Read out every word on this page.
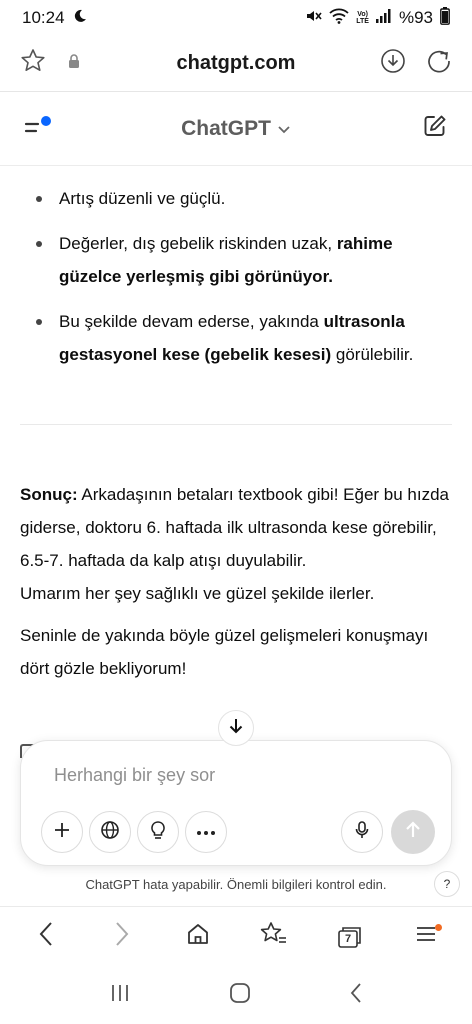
10:24	Vo)
LTE %93
chatgpt.com
ChatGPT
Artış düzenli ve güçlü.
Değerler, dış gebelik riskinden uzak, rahime güzelce yerleşmiş gibi görünüyor.
Bu şekilde devam ederse, yakında ultrasonla gestasyonel kese (gebelik kesesi) görülebilir.

Sonuç: Arkadaşının betaları textbook gibi! Eğer bu hızda giderse, doktoru 6. haftada ilk ultrasonda kese görebilir, 6.5-7. haftada da kalp atışı duyulabilir.
Umarım her şey sağlıklı ve güzel şekilde ilerler.

Seninle de yakında böyle güzel gelişmeleri konuşmayı dört gözle bekliyorum!

Herhangi bir şey sor
ChatGPT hata yapabilir. Önemli bilgileri kontrol edin.	?
7
